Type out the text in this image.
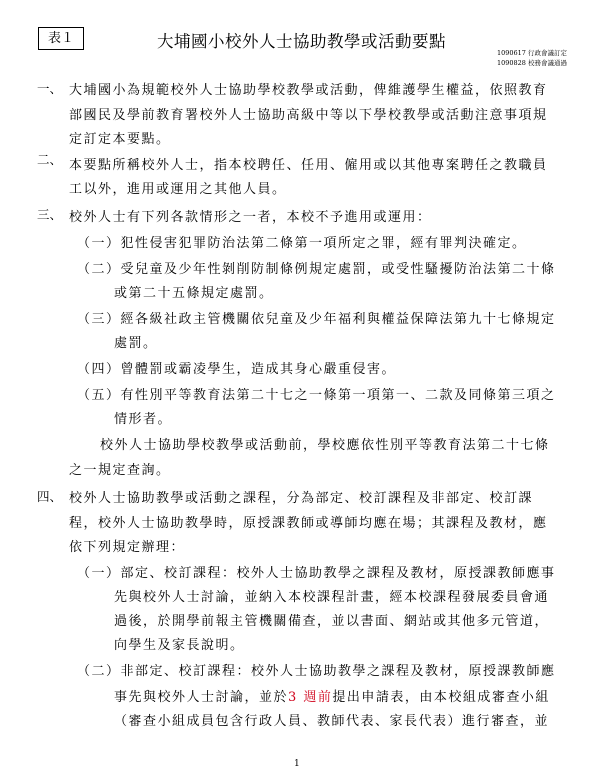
表１	大埔國小校外人士協助教學或活動要點
1090617 行政會議訂定
1090828 校務會議通過
一、
二、
三、
四、
大埔國小為規範校外人士協助學校教學或活動，俾維護學生權益，依照教育
部國民及學前教育署校外人士協助高級中等以下學校教學或活動注意事項規
定訂定本要點。
本要點所稱校外人士，指本校聘任、任用、僱用或以其他專案聘任之教職員
工以外，進用或運用之其他人員。
校外人士有下列各款情形之一者，本校不予進用或運用：
（一）犯性侵害犯罪防治法第二條第一項所定之罪，經有罪判決確定。
（二）受兒童及少年性剝削防制條例規定處罰，或受性騷擾防治法第二十條
或第二十五條規定處罰。
（三）經各級社政主管機關依兒童及少年福利與權益保障法第九十七條規定
處罰。
（四）曾體罰或霸凌學生，造成其身心嚴重侵害。
（五）有性別平等教育法第二十七之一條第一項第一、二款及同條第三項之
情形者。
校外人士協助學校教學或活動前，學校應依性別平等教育法第二十七條
之一規定查詢。
校外人士協助教學或活動之課程，分為部定、校訂課程及非部定、校訂課
程，校外人士協助教學時，原授課教師或導師均應在場；其課程及教材，應
依下列規定辦理：
（一）部定、校訂課程：校外人士協助教學之課程及教材，原授課教師應事
先與校外人士討論，並納入本校課程計畫，經本校課程發展委員會通
過後，於開學前報主管機關備查，並以書面、網站或其他多元管道，
向學生及家長說明。
（二）非部定、校訂課程：校外人士協助教學之課程及教材，原授課教師應
事先與校外人士討論，並於3 週前提出申請表，由本校組成審查小組
（審查小組成員包含行政人員、教師代表、家長代表）進行審查，並
1
